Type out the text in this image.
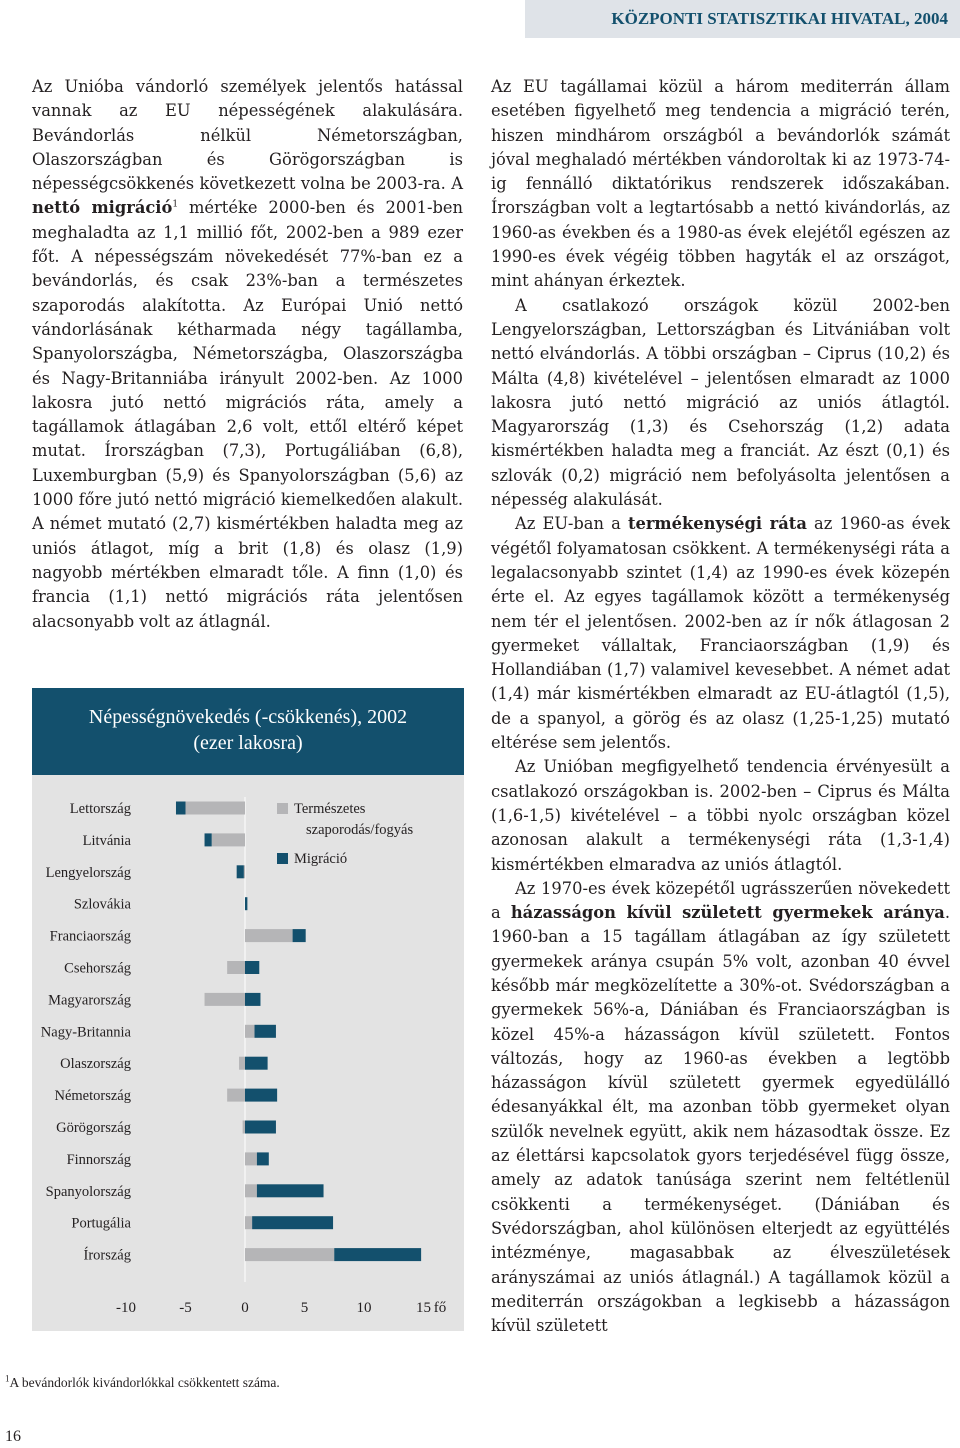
KÖZPONTI STATISZTIKAI HIVATAL, 2004

Az Unióba vándorló személyek jelentős hatással vannak az EU népességének alakulására. Bevándorlás nélkül Németországban, Olaszországban és Görögországban is népességcsökkenés következett volna be 2003-ra. A nettó migráció$^1$ mértéke 2000-ben és 2001-ben meghaladta az 1,1 millió főt, 2002-ben a 989 ezer főt. A népességszám növekedését 77%-ban ez a bevándorlás, és csak 23%-ban a természetes szaporodás alakította. Az Európai Unió nettó vándorlásának kétharmada négy tagállamba, Spanyolországba, Németországba, Olaszországba és Nagy-Britanniába irányult 2002-ben. Az 1000 lakosra jutó nettó migrációs ráta, amely a tagállamok átlagában 2,6 volt, ettől eltérő képet mutat. Írországban (7,3), Portugáliában (6,8), Luxemburgban (5,9) és Spanyolországban (5,6) az 1000 főre jutó nettó migráció kiemelkedően alakult. A német mutató (2,7) kismértékben haladta meg az uniós átlagot, míg a brit (1,8) és olasz (1,9) nagyobb mértékben elmaradt tőle. A finn (1,0) és francia (1,1) nettó migrációs ráta jelentősen alacsonyabb volt az átlagnál.

Az EU tagállamai közül a három mediterrán állam esetében figyelhető meg tendencia a migráció terén, hiszen mindhárom országból a bevándorlók számát jóval meghaladó mértékben vándoroltak ki az 1973-74-ig fennálló diktatórikus rendszerek időszakában. Írországban volt a legtartósabb a nettó kivándorlás, az 1960-as években és a 1980-as évek elejétől egészen az 1990-es évek végéig többen hagyták el az országot, mint ahányan érkeztek.

A csatlakozó országok közül 2002-ben Lengyelországban, Lettországban és Litvániában volt nettó elvándorlás. A többi országban – Ciprus (10,2) és Málta (4,8) kivételével – jelentősen elmaradt az 1000 lakosra jutó nettó migráció az uniós átlagtól. Magyarország (1,3) és Csehország (1,2) adata kismértékben haladta meg a franciát. Az észt (0,1) és szlovák (0,2) migráció nem befolyásolta jelentősen a népesség alakulását.

Az EU-ban a termékenységi ráta az 1960-as évek végétől folyamatosan csökkent. A termékenységi ráta a legalacsonyabb szintet (1,4) az 1990-es évek közepén érte el. Az egyes tagállamok között a termékenység nem tér el jelentősen. 2002-ben az ír nők átlagosan 2 gyermeket vállaltak, Franciaországban (1,9) és Hollandiában (1,7) valamivel kevesebbet. A német adat (1,4) már kismértékben elmaradt az EU-átlagtól (1,5), de a spanyol, a görög és az olasz (1,25-1,25) mutató eltérése sem jelentős.

Az Unióban megfigyelhető tendencia érvényesült a csatlakozó országokban is. 2002-ben – Ciprus és Málta (1,6-1,5) kivételével – a többi nyolc országban közel azonosan alakult a termékenységi ráta (1,3-1,4) kismértékben elmaradva az uniós átlagtól.

Az 1970-es évek közepétől ugrásszerűen növekedett a házasságon kívül született gyermekek aránya. 1960-ban a 15 tagállam átlagában az így született gyermekek aránya csupán 5% volt, azonban 40 évvel később már megközelítette a 30%-ot. Svédországban a gyermekek 56%-a, Dániában és Franciaországban is közel 45%-a házasságon kívül született. Fontos változás, hogy az 1960-as években a legtöbb házasságon kívül született gyermek egyedülálló édesanyákkal élt, ma azonban több gyermeket olyan szülők nevelnek együtt, akik nem házasodtak össze. Ez az élettársi kapcsolatok gyors terjedésével függ össze, amely az adatok tanúsága szerint nem feltétlenül csökkenti a termékenységet. (Dániában és Svédországban, ahol különösen elterjedt az együttélés intézménye, magasabbak az élveszületések arányszámai az uniós átlagnál.) A tagállamok közül a mediterrán országokban a legkisebb a házasságon kívül született

Népességnövekedés (-csökkenés), 2002
(ezer lakosra)
Lettország
Litvánia
Lengyelország
Szlovákia
Franciaország
Csehország
Magyarország
Nagy-Britannia
Olaszország
Németország
Görögország
Finnország
Spanyolország
Portugália
Írország
-10	-5	0	5	10	15 fő
Természetes
szaporodás/fogyás
Migráció
$^1$A bevándorlók kivándorlókkal csökkentett száma.
16
